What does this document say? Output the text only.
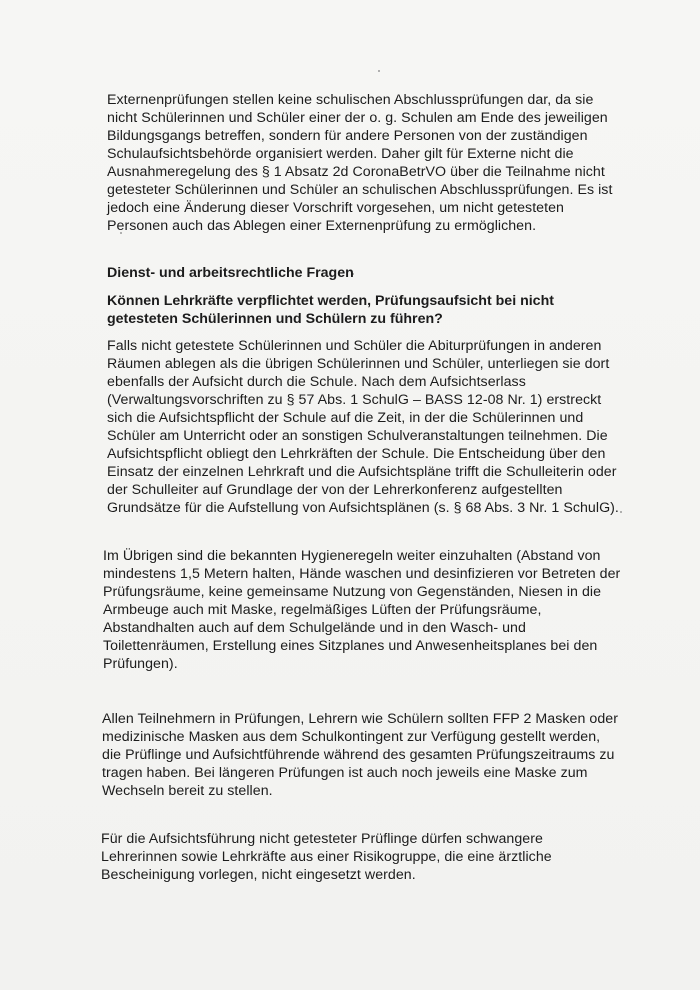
Externenprüfungen stellen keine schulischen Abschlussprüfungen dar, da sie
nicht Schülerinnen und Schüler einer der o. g. Schulen am Ende des jeweiligen
Bildungsgangs betreffen, sondern für andere Personen von der zuständigen
Schulaufsichtsbehörde organisiert werden. Daher gilt für Externe nicht die
Ausnahmeregelung des § 1 Absatz 2d CoronaBetrVO über die Teilnahme nicht
getesteter Schülerinnen und Schüler an schulischen Abschlussprüfungen. Es ist
jedoch eine Änderung dieser Vorschrift vorgesehen, um nicht getesteten
Personen auch das Ablegen einer Externenprüfung zu ermöglichen.
Dienst- und arbeitsrechtliche Fragen
Können Lehrkräfte verpflichtet werden, Prüfungsaufsicht bei nicht
getesteten Schülerinnen und Schülern zu führen?
Falls nicht getestete Schülerinnen und Schüler die Abiturprüfungen in anderen
Räumen ablegen als die übrigen Schülerinnen und Schüler, unterliegen sie dort
ebenfalls der Aufsicht durch die Schule. Nach dem Aufsichtserlass
(Verwaltungsvorschriften zu § 57 Abs. 1 SchulG – BASS 12-08 Nr. 1) erstreckt
sich die Aufsichtspflicht der Schule auf die Zeit, in der die Schülerinnen und
Schüler am Unterricht oder an sonstigen Schulveranstaltungen teilnehmen. Die
Aufsichtspflicht obliegt den Lehrkräften der Schule. Die Entscheidung über den
Einsatz der einzelnen Lehrkraft und die Aufsichtspläne trifft die Schulleiterin oder
der Schulleiter auf Grundlage der von der Lehrerkonferenz aufgestellten
Grundsätze für die Aufstellung von Aufsichtsplänen (s. § 68 Abs. 3 Nr. 1 SchulG).
Im Übrigen sind die bekannten Hygieneregeln weiter einzuhalten (Abstand von
mindestens 1,5 Metern halten, Hände waschen und desinfizieren vor Betreten der
Prüfungsräume, keine gemeinsame Nutzung von Gegenständen, Niesen in die
Armbeuge auch mit Maske, regelmäßiges Lüften der Prüfungsräume,
Abstandhalten auch auf dem Schulgelände und in den Wasch- und
Toilettenräumen, Erstellung eines Sitzplanes und Anwesenheitsplanes bei den
Prüfungen).
Allen Teilnehmern in Prüfungen, Lehrern wie Schülern sollten FFP 2 Masken oder
medizinische Masken aus dem Schulkontingent zur Verfügung gestellt werden,
die Prüflinge und Aufsichtführende während des gesamten Prüfungszeitraums zu
tragen haben. Bei längeren Prüfungen ist auch noch jeweils eine Maske zum
Wechseln bereit zu stellen.
Für die Aufsichtsführung nicht getesteter Prüflinge dürfen schwangere
Lehrerinnen sowie Lehrkräfte aus einer Risikogruppe, die eine ärztliche
Bescheinigung vorlegen, nicht eingesetzt werden.
